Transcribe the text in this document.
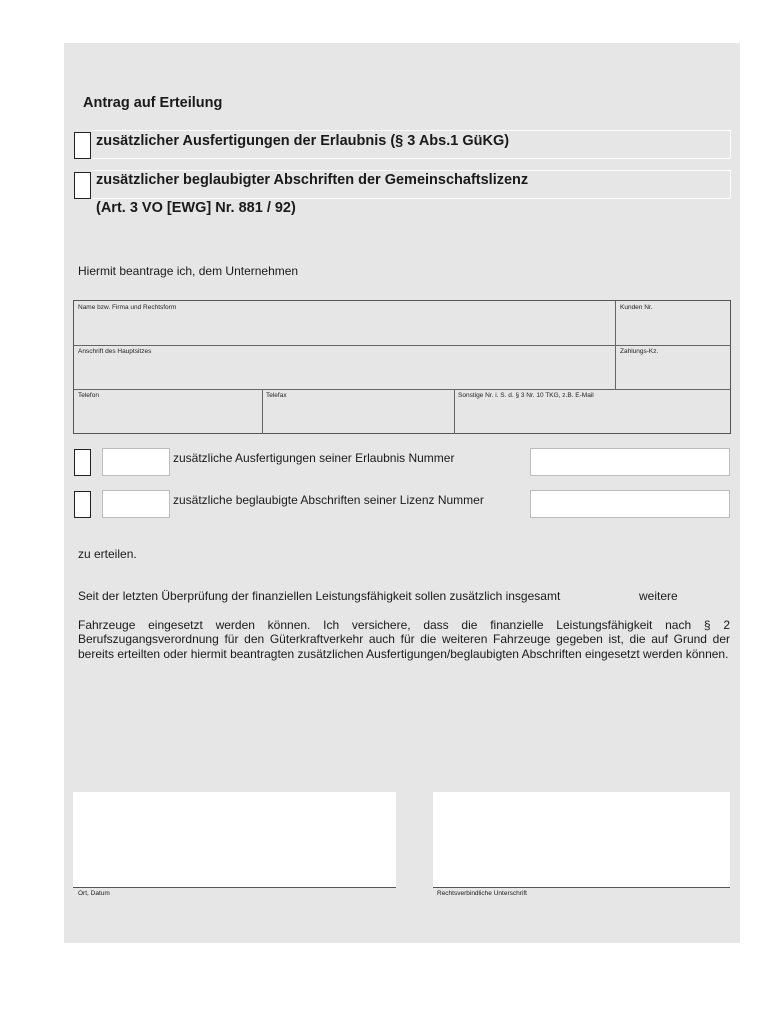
Antrag auf Erteilung
zusätzlicher Ausfertigungen der Erlaubnis (§ 3 Abs.1 GüKG)
zusätzlicher beglaubigter Abschriften der Gemeinschaftslizenz
(Art. 3 VO [EWG] Nr. 881 / 92)
Hiermit beantrage ich, dem Unternehmen
Name bzw. Firma und Rechtsform	Kunden Nr.
Anschrift des Hauptsitzes	Zahlungs-Kz.
Telefon	Telefax	Sonstige Nr. i. S. d. § 3 Nr. 10 TKG, z.B. E-Mail
zusätzliche Ausfertigungen seiner Erlaubnis Nummer
zusätzliche beglaubigte Abschriften seiner Lizenz Nummer
zu erteilen.
Seit der letzten Überprüfung der finanziellen Leistungsfähigkeit sollen zusätzlich insgesamt	weitere
Fahrzeuge eingesetzt werden können. Ich versichere, dass die finanzielle Leistungsfähigkeit nach § 2 Berufszugangsverordnung für den Güterkraftverkehr auch für die weiteren Fahrzeuge gegeben ist, die auf Grund der bereits erteilten oder hiermit beantragten zusätzlichen Ausfertigungen/beglaubigten Abschriften eingesetzt werden können.
Ort, Datum	Rechtsverbindliche Unterschrift
